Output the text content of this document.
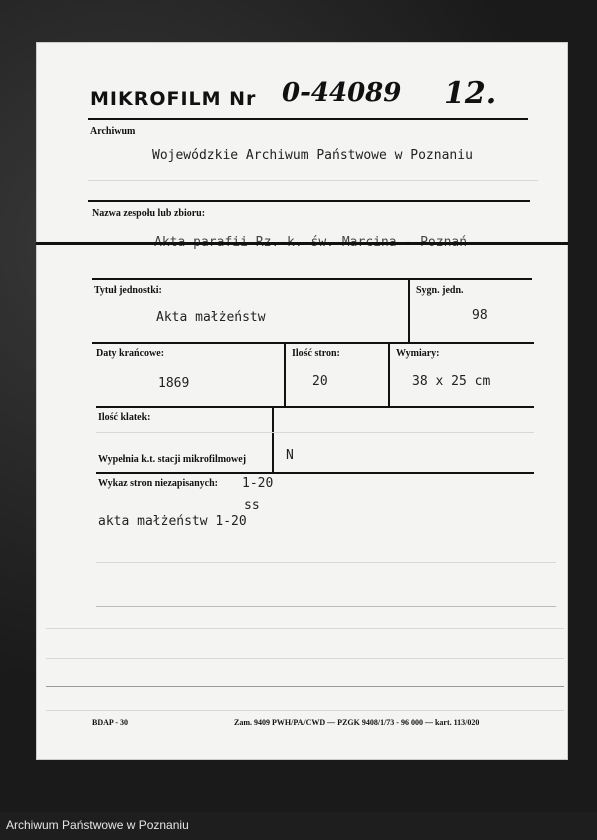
MIKROFILM Nr 0-44089 12.
Archiwum
Wojewódzkie Archiwum Państwowe w Poznaniu
Nazwa zespołu lub zbioru:
Tytuł jednostki:	Sygn. jedn.
Akta małżeństw	98
Daty krańcowe:	Ilość stron:	Wymiary:
1869	20	38 x 25 cm
Ilość klatek:
Wypełnia k.t. stacji mikrofilmowej	N
Wykaz stron niezapisanych: 1-20
ss
akta małżeństw 1-20
BDAP - 30	Zam. 9409 PWH/PA/CWD — PZGK 9408/1/73 - 96 000 — kart. 113/020
Archiwum Państwowe w Poznaniu
